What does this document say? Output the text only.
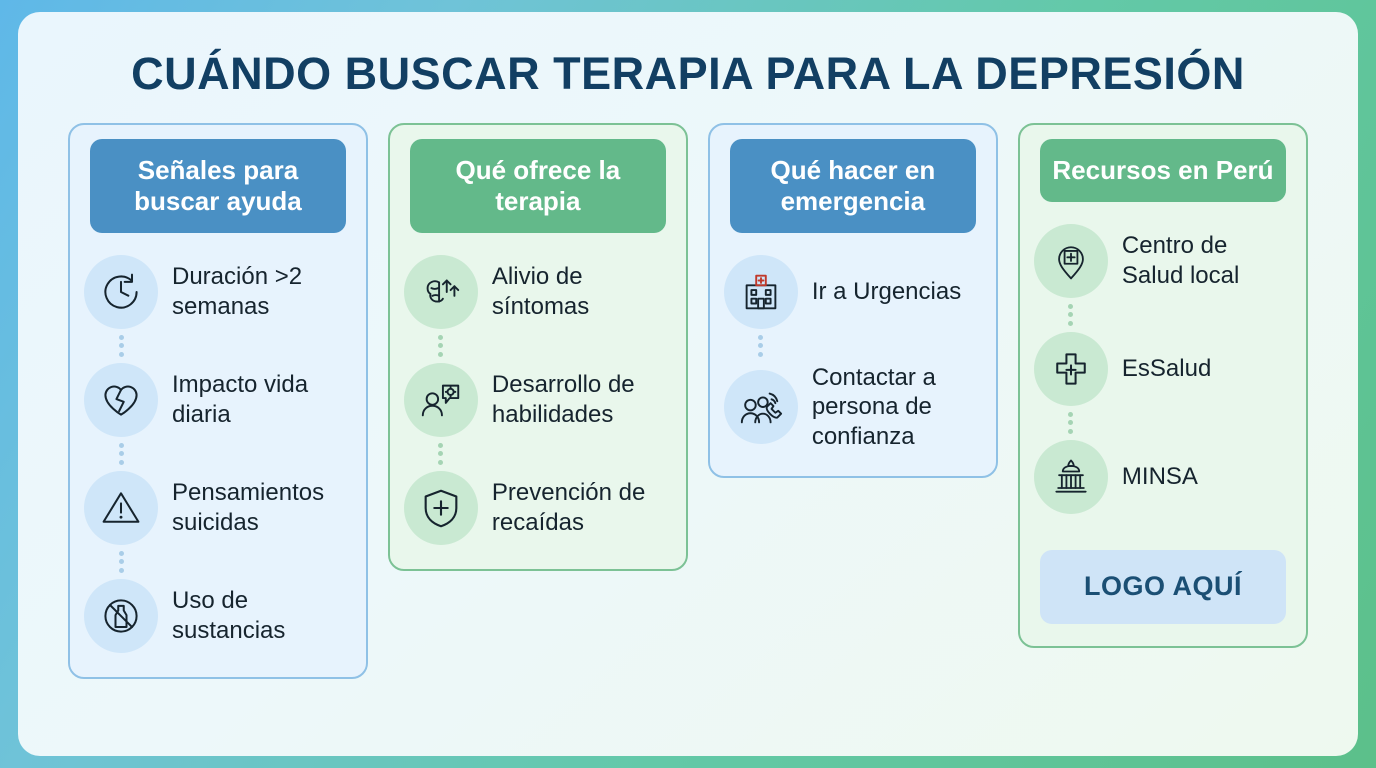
CUÁNDO BUSCAR TERAPIA PARA LA DEPRESIÓN
Señales para buscar ayuda
Duración >2 semanas
Impacto vida diaria
Pensamientos suicidas
Uso de sustancias
Qué ofrece la terapia
Alivio de síntomas
Desarrollo de habilidades
Prevención de recaídas
Qué hacer en emergencia
Ir a Urgencias
Contactar a persona de confianza
Recursos en Perú
Centro de Salud local
EsSalud
MINSA
LOGO AQUÍ
